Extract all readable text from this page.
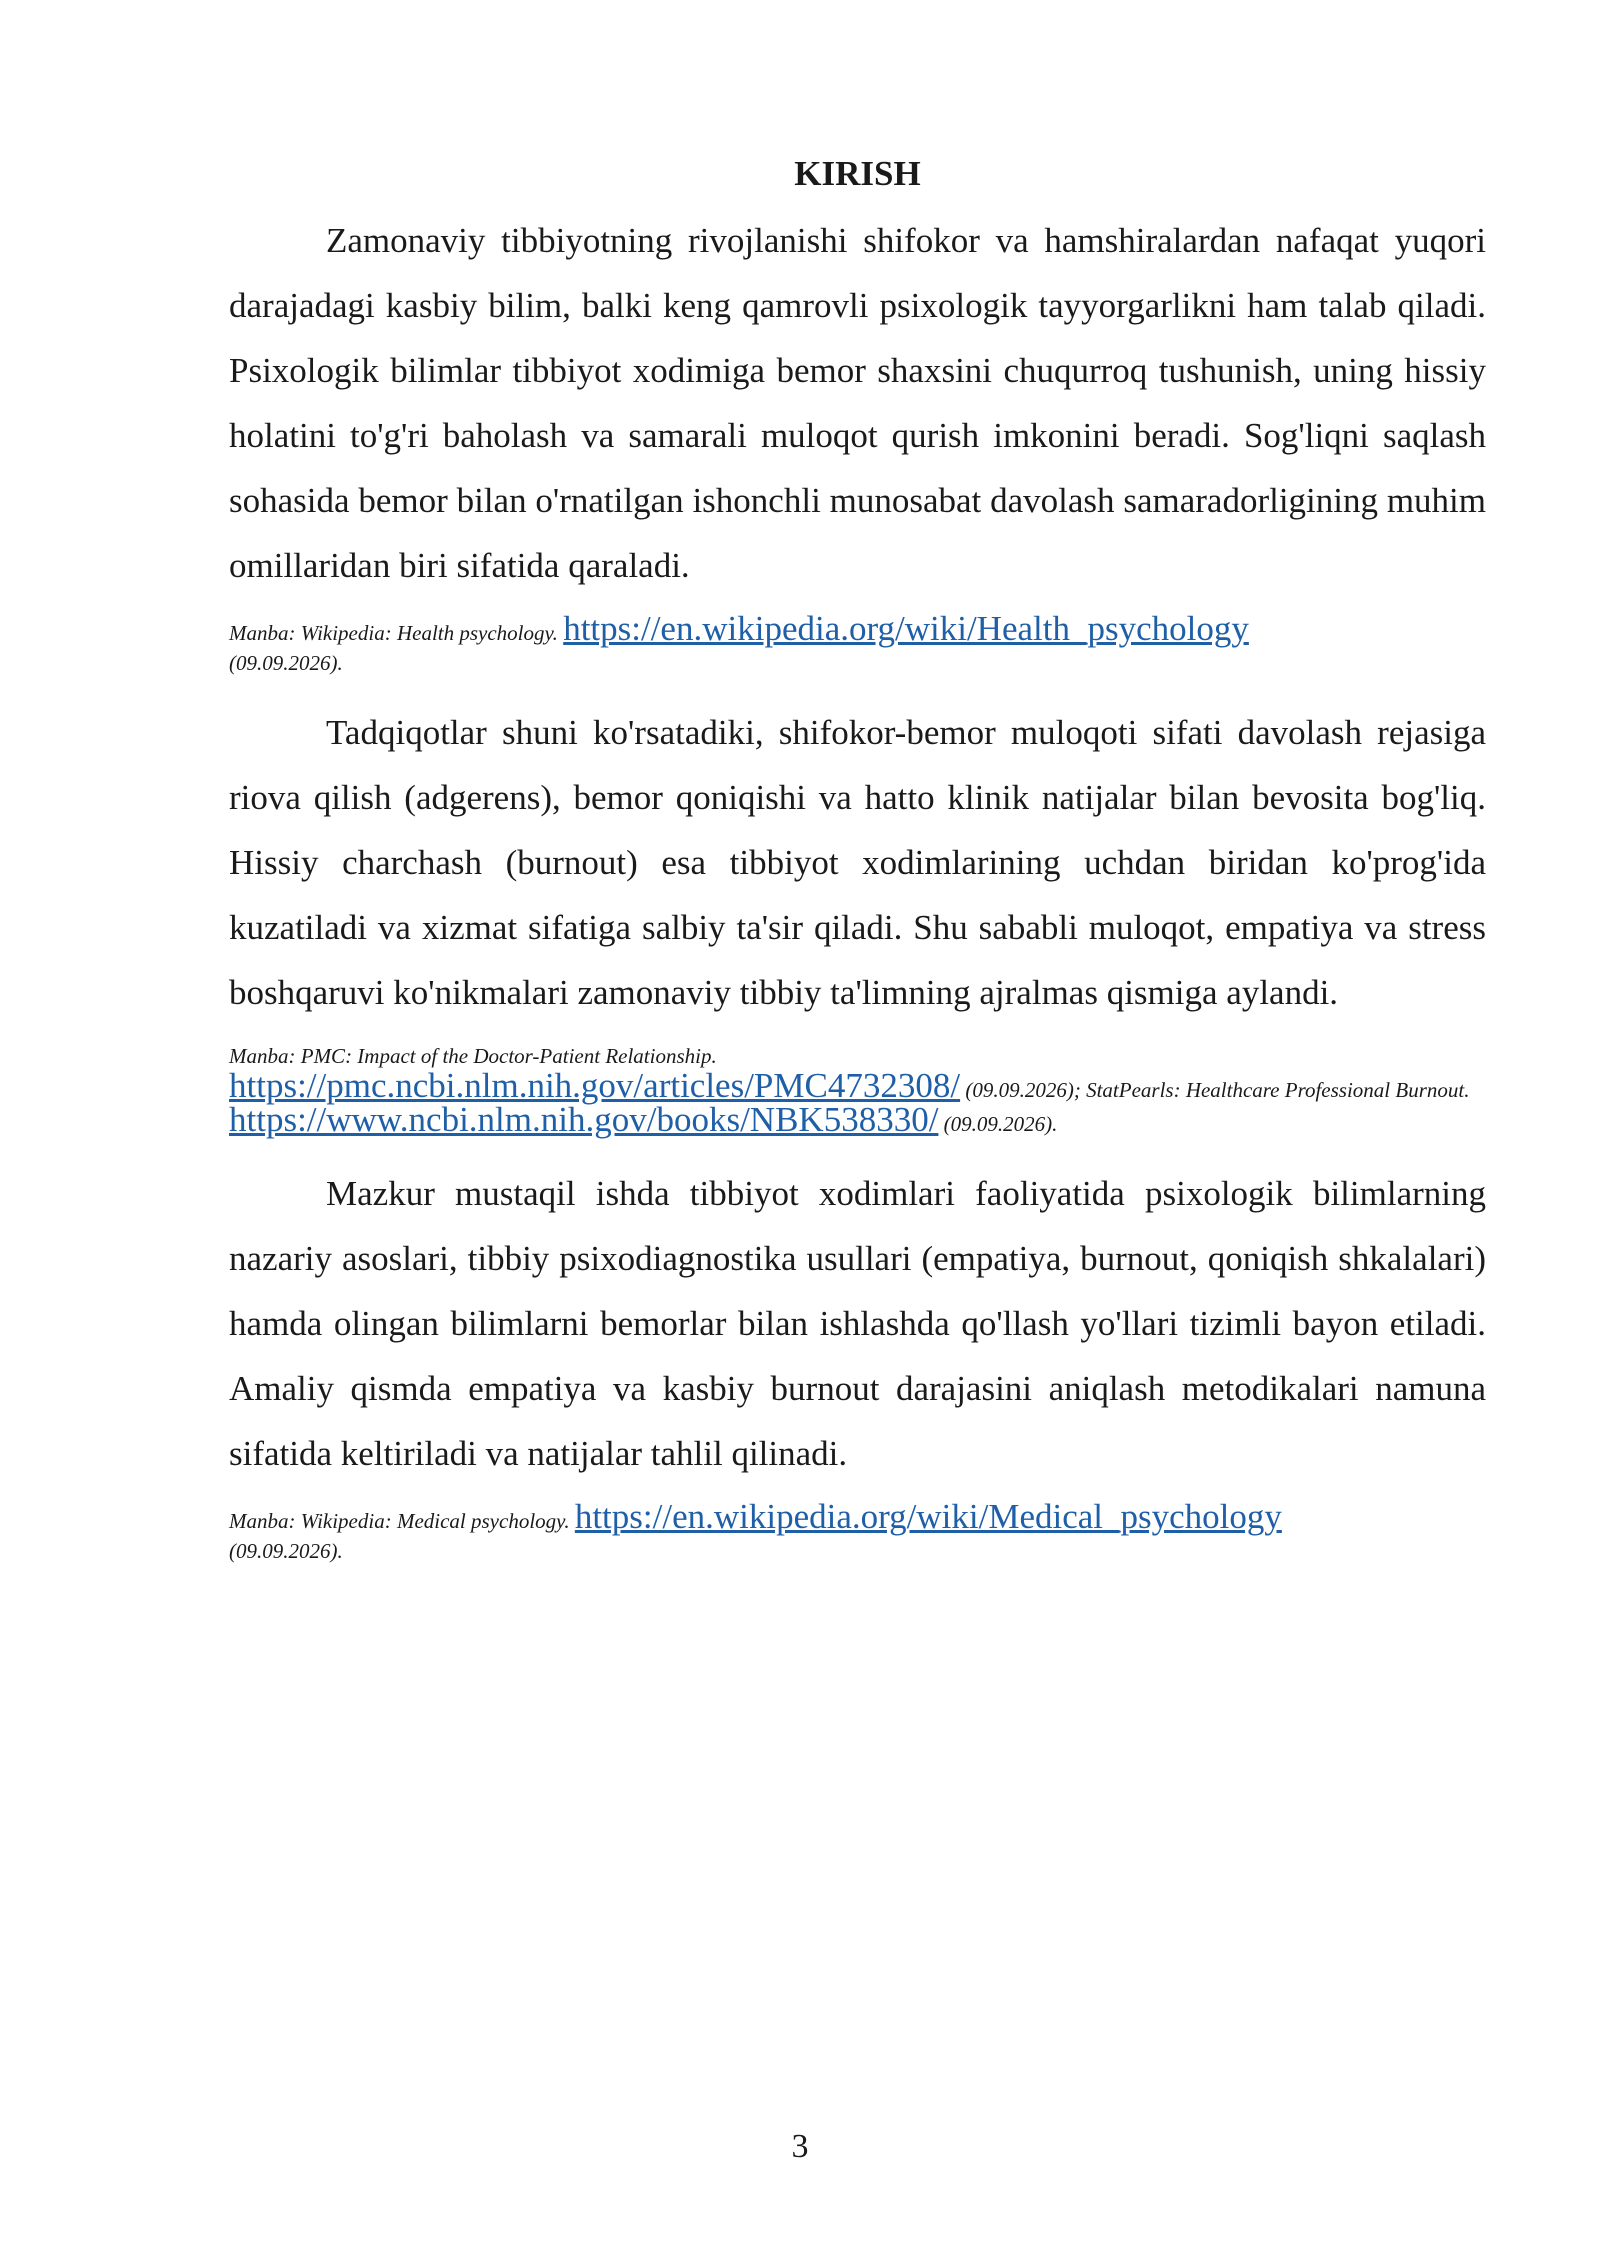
KIRISH

Zamonaviy tibbiyotning rivojlanishi shifokor va hamshiralardan nafaqat yuqori darajadagi kasbiy bilim, balki keng qamrovli psixologik tayyorgarlikni ham talab qiladi. Psixologik bilimlar tibbiyot xodimiga bemor shaxsini chuqurroq tushunish, uning hissiy holatini to'g'ri baholash va samarali muloqot qurish imkonini beradi. Sog'liqni saqlash sohasida bemor bilan o'rnatilgan ishonchli munosabat davolash samaradorligining muhim omillaridan biri sifatida qaraladi.

Manba: Wikipedia: Health psychology. https://en.wikipedia.org/wiki/Health_psychology
(09.09.2026).

Tadqiqotlar shuni ko'rsatadiki, shifokor-bemor muloqoti sifati davolash rejasiga riova qilish (adgerens), bemor qoniqishi va hatto klinik natijalar bilan bevosita bog'liq. Hissiy charchash (burnout) esa tibbiyot xodimlarining uchdan biridan ko'prog'ida kuzatiladi va xizmat sifatiga salbiy ta'sir qiladi. Shu sababli muloqot, empatiya va stress boshqaruvi ko'nikmalari zamonaviy tibbiy ta'limning ajralmas qismiga aylandi.

Manba: PMC: Impact of the Doctor-Patient Relationship.
https://pmc.ncbi.nlm.nih.gov/articles/PMC4732308/ (09.09.2026); StatPearls: Healthcare Professional Burnout. https://www.ncbi.nlm.nih.gov/books/NBK538330/ (09.09.2026).

Mazkur mustaqil ishda tibbiyot xodimlari faoliyatida psixologik bilimlarning nazariy asoslari, tibbiy psixodiagnostika usullari (empatiya, burnout, qoniqish shkalalari) hamda olingan bilimlarni bemorlar bilan ishlashda qo'llash yo'llari tizimli bayon etiladi. Amaliy qismda empatiya va kasbiy burnout darajasini aniqlash metodikalari namuna sifatida keltiriladi va natijalar tahlil qilinadi.

Manba: Wikipedia: Medical psychology. https://en.wikipedia.org/wiki/Medical_psychology
(09.09.2026).
3
